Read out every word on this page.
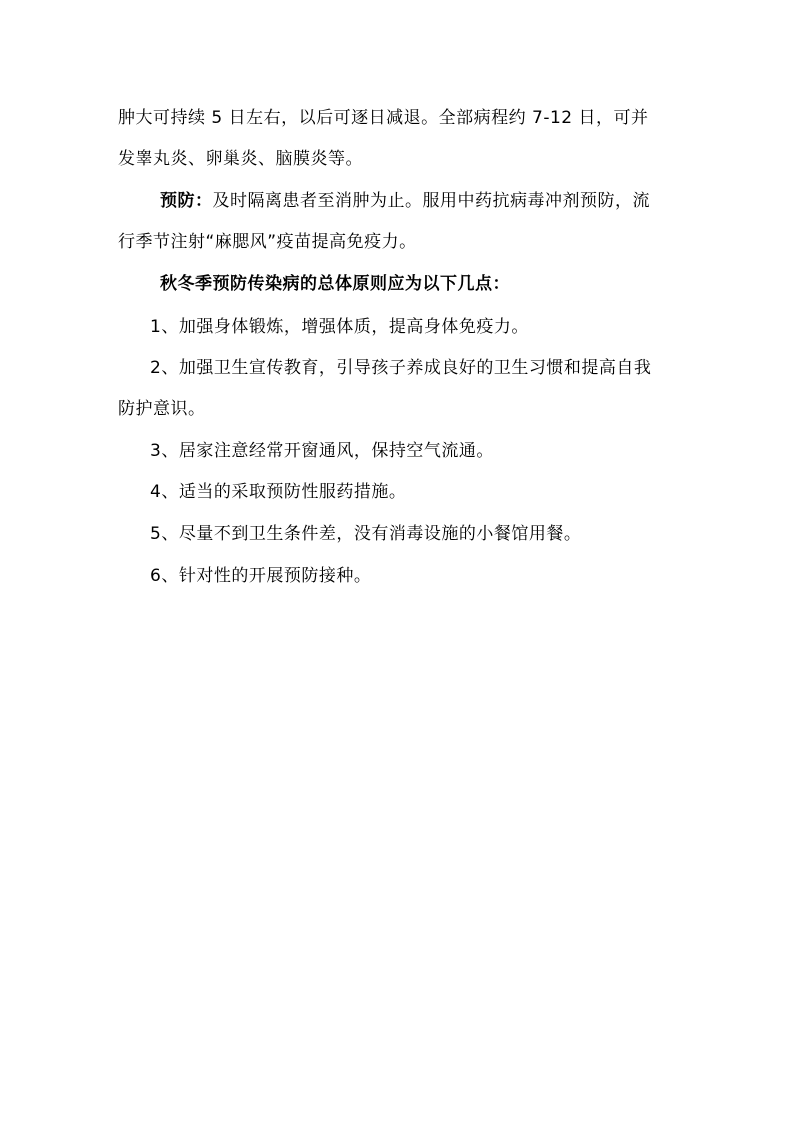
肿大可持续 5 日左右，以后可逐日减退。全部病程约 7-12 日，可并
发睾丸炎、卵巢炎、脑膜炎等。
预防：及时隔离患者至消肿为止。服用中药抗病毒冲剂预防，流
行季节注射“麻腮风”疫苗提高免疫力。
秋冬季预防传染病的总体原则应为以下几点：
1、加强身体锻炼，增强体质，提高身体免疫力。
2、加强卫生宣传教育，引导孩子养成良好的卫生习惯和提高自我
防护意识。
3、居家注意经常开窗通风，保持空气流通。
4、适当的采取预防性服药措施。
5、尽量不到卫生条件差，没有消毒设施的小餐馆用餐。
6、针对性的开展预防接种。
